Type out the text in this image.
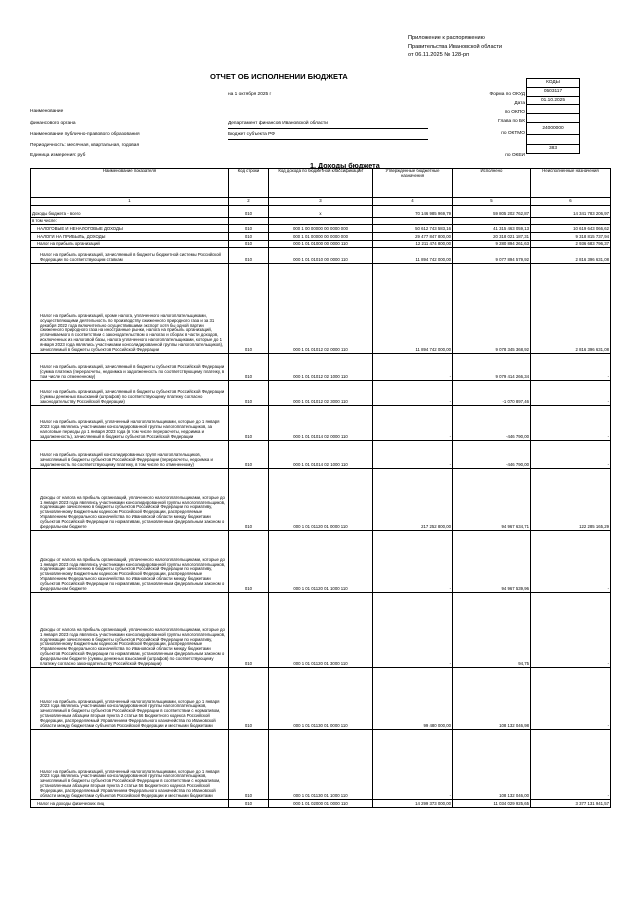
Приложение к распоряжению
Правительства Ивановской области
от 06.11.2025 № 128-рп
ОТЧЕТ ОБ ИСПОЛНЕНИИ БЮДЖЕТА
на 1 октября 2025 г
Наименование
финансового органа
Наименование публично-правового образования
Периодичность: месячная, квартальная, годовая
Единица измерения: руб
Департамент финансов Ивановской области
Бюджет субъекта РФ
Форма по ОКУД
Дата
по ОКПО
Глава по БК
по ОКТМО
по ОКЕИ
КОДЫ
0503117
01.10.2025

24000000

383
1. Доходы бюджета
Наименование показателя	Код строки	Код дохода по бюджетной классификации	Утвержденные бюджетные назначения	Исполнено	Неисполненные назначения
1	2	3	4	5	6
Доходы бюджета - всего	010	x	70 146 985 969,79	59 805 202 762,87	14 341 783 206,97
в том числе:					
НАЛОГОВЫЕ И НЕНАЛОГОВЫЕ ДОХОДЫ	010	000 1 00 00000 00 0000 000	50 612 743 583,16	41 315 463 059,13	10 619 643 066,62
НАЛОГИ НА ПРИБЫЛЬ, ДОХОДЫ	010	000 1 01 00000 00 0000 000	29 477 847 800,00	20 318 021 187,31	9 318 815 737,94
Налог на прибыль организаций	010	000 1 01 01000 00 0000 110	12 211 474 800,00	9 280 894 261,63	2 936 683 796,37
Налог на прибыль организаций, зачисляемый в бюджеты бюджетной системы Российской Федерации по соответствующим ставкам	010	000 1 01 01010 00 0000 110	11 894 742 000,00	9 077 894 579,92	2 816 396 631,08
Налог на прибыль организаций, кроме налога, уплаченного налогоплательщиками, осуществляющими деятельность по производству сжиженного природного газа и за 31 декабря 2022 года включительно осуществившими экспорт хотя бы одной партии сжиженного природного газа на иностранные рынки, налога на прибыль организаций, уплачиваемого в соответствии с законодательством о налогах и сборах в части доходов, исключенных из налоговой базы, налога уплаченного налогоплательщиками, которые до 1 января 2023 года являлись участниками консолидированной группы налогоплательщиков), зачисляемый в бюджеты субъектов Российской Федерации	010	000 1 01 01012 02 0000 110	11 894 742 000,00	9 078 345 368,92	2 816 396 631,08
Налог на прибыль организаций, зачисляемый в бюджеты субъектов Российской Федерации (сумма платежа (перерасчеты, недоимка и задолженность по соответствующему платежу, в том числе по отмененному)	010	000 1 01 01012 02 1000 110	-	9 079 414 266,34	-
Налог на прибыль организаций, зачисляемый в бюджеты субъектов Российской Федерации (суммы денежных взысканий (штрафов) по соответствующему платежу согласно законодательству Российской Федерации)	010	000 1 01 01012 02 3000 110	-	-1 070 897,46	-
Налог на прибыль организаций, уплаченный налогоплательщиками, которые до 1 января 2023 года являлись участниками консолидированной группы налогоплательщиков, за налоговые периоды до 1 января 2023 года (в том числе перерасчеты, недоимка и задолженность), зачисляемый в бюджеты субъектов Российской Федерации	010	000 1 01 01014 02 0000 110	-	-446 790,00	-
Налог на прибыль организаций консолидированных групп налогоплательщиков, зачисляемый в бюджеты субъектов Российской Федерации (перерасчеты, недоимка и задолженность по соответствующему платежу, в том числе по отмененному)	010	000 1 01 01014 02 1000 110	-	-446 790,00	-
Доходы от налога на прибыль организаций, уплаченного налогоплательщиками, которые до 1 января 2023 года являлись участниками консолидированной группы налогоплательщиков, подлежащие зачислению в бюджеты субъектов Российской Федерации по нормативу, установленному Бюджетным кодексом Российской Федерации, распределяемые Управлением Федерального казначейства по Ивановской области между бюджетами субъектов Российской Федерации по нормативам, установленным федеральным законом о федеральном бюджете	010	000 1 01 01120 01 0000 110	217 252 800,00	94 967 634,71	122 285 165,29
Доходы от налога на прибыль организаций, уплаченного налогоплательщиками, которые до 1 января 2023 года являлись участниками консолидированной группы налогоплательщиков, подлежащие зачислению в бюджеты субъектов Российской Федерации по нормативу, установленному Бюджетным кодексом Российской Федерации, распределяемые Управлением Федерального казначейства по Ивановской области между бюджетами субъектов Российской Федерации по нормативам, установленным федеральным законом о федеральном бюджете	010	000 1 01 01120 01 1000 110	-	94 967 539,96	-
Доходы от налога на прибыль организаций, уплаченного налогоплательщиками, которые до 1 января 2023 года являлись участниками консолидированной группы налогоплательщиков, подлежащие зачислению в бюджеты субъектов Российской Федерации по нормативу, установленному Бюджетным кодексом Российской Федерации, распределяемые Управлением Федерального казначейства по Ивановской области между бюджетами субъектов Российской Федерации по нормативам, установленным федеральным законом о федеральном бюджете (суммы денежных взысканий (штрафов) по соответствующему платежу согласно законодательству Российской Федерации)	010	000 1 01 01120 01 3000 110	-	94,75	-
Налог на прибыль организаций, уплаченный налогоплательщиками, которые до 1 января 2023 года являлись участниками консолидированной группы налогоплательщиков, зачисляемый в бюджеты субъектов Российской Федерации в соответствии с нормативом, установленным абзацем вторым пункта 2 статьи 56 Бюджетного кодекса Российской Федерации, распределяемый Управлением Федерального казначейства по Ивановской области между бюджетами субъектов Российской Федерации и местными бюджетами	010	000 1 01 01130 01 0000 110	99 480 000,00	108 132 046,98	-
Налог на прибыль организаций, уплаченный налогоплательщиками, которые до 1 января 2023 года являлись участниками консолидированной группы налогоплательщиков, зачисляемый в бюджеты субъектов Российской Федерации в соответствии с нормативом, установленным абзацем вторым пункта 2 статьи 56 Бюджетного кодекса Российской Федерации, распределяемый Управлением Федерального казначейства по Ивановской области между бюджетами субъектов Российской Федерации и местными бюджетами	010	000 1 01 01130 01 1000 110	-	108 132 046,00	-
Налог на доходы физических лиц	010	000 1 01 02000 01 0000 110	14 299 373 000,00	11 034 029 925,65	3 377 131 941,57
